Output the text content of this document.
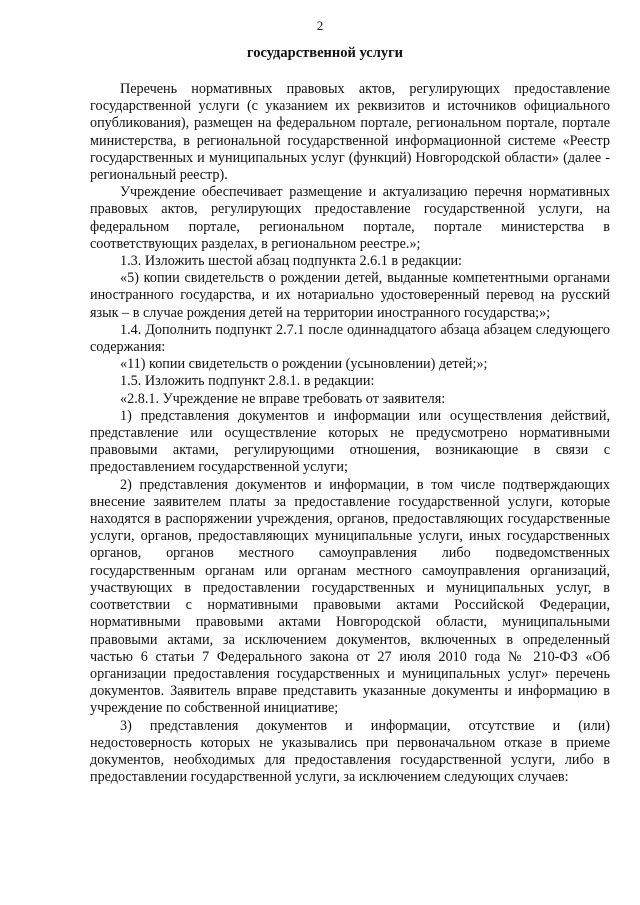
2
государственной услуги

Перечень нормативных правовых актов, регулирующих предоставление государственной услуги (с указанием их реквизитов и источников официального опубликования), размещен на федеральном портале, региональном портале, портале министерства, в региональной государственной информационной системе «Реестр государственных и муниципальных услуг (функций) Новгородской области» (далее - региональный реестр).

Учреждение обеспечивает размещение и актуализацию перечня нормативных правовых актов, регулирующих предоставление государственной услуги, на федеральном портале, региональном портале, портале министерства в соответствующих разделах, в региональном реестре.»;

1.3. Изложить шестой абзац подпункта 2.6.1 в редакции:

«5) копии свидетельств о рождении детей, выданные компетентными органами иностранного государства, и их нотариально удостоверенный перевод на русский язык – в случае рождения детей на территории иностранного государства;»;

1.4. Дополнить подпункт 2.7.1 после одиннадцатого абзаца абзацем следующего содержания:

«11) копии свидетельств о рождении (усыновлении) детей;»;

1.5. Изложить подпункт 2.8.1. в редакции:

«2.8.1. Учреждение не вправе требовать от заявителя:

1) представления документов и информации или осуществления действий, представление или осуществление которых не предусмотрено нормативными правовыми актами, регулирующими отношения, возникающие в связи с предоставлением государственной услуги;

2) представления документов и информации, в том числе подтверждающих внесение заявителем платы за предоставление государственной услуги, которые находятся в распоряжении учреждения, органов, предоставляющих государственные услуги, органов, предоставляющих муниципальные услуги, иных государственных органов, органов местного самоуправления либо подведомственных государственным органам или органам местного самоуправления организаций, участвующих в предоставлении государственных и муниципальных услуг, в соответствии с нормативными правовыми актами Российской Федерации, нормативными правовыми актами Новгородской области, муниципальными правовыми актами, за исключением документов, включенных в определенный частью 6 статьи 7 Федерального закона от 27 июля 2010 года № 210-ФЗ «Об организации предоставления государственных и муниципальных услуг» перечень документов. Заявитель вправе представить указанные документы и информацию в учреждение по собственной инициативе;

3) представления документов и информации, отсутствие и (или) недостоверность которых не указывались при первоначальном отказе в приеме документов, необходимых для предоставления государственной услуги, либо в предоставлении государственной услуги, за исключением следующих случаев:
